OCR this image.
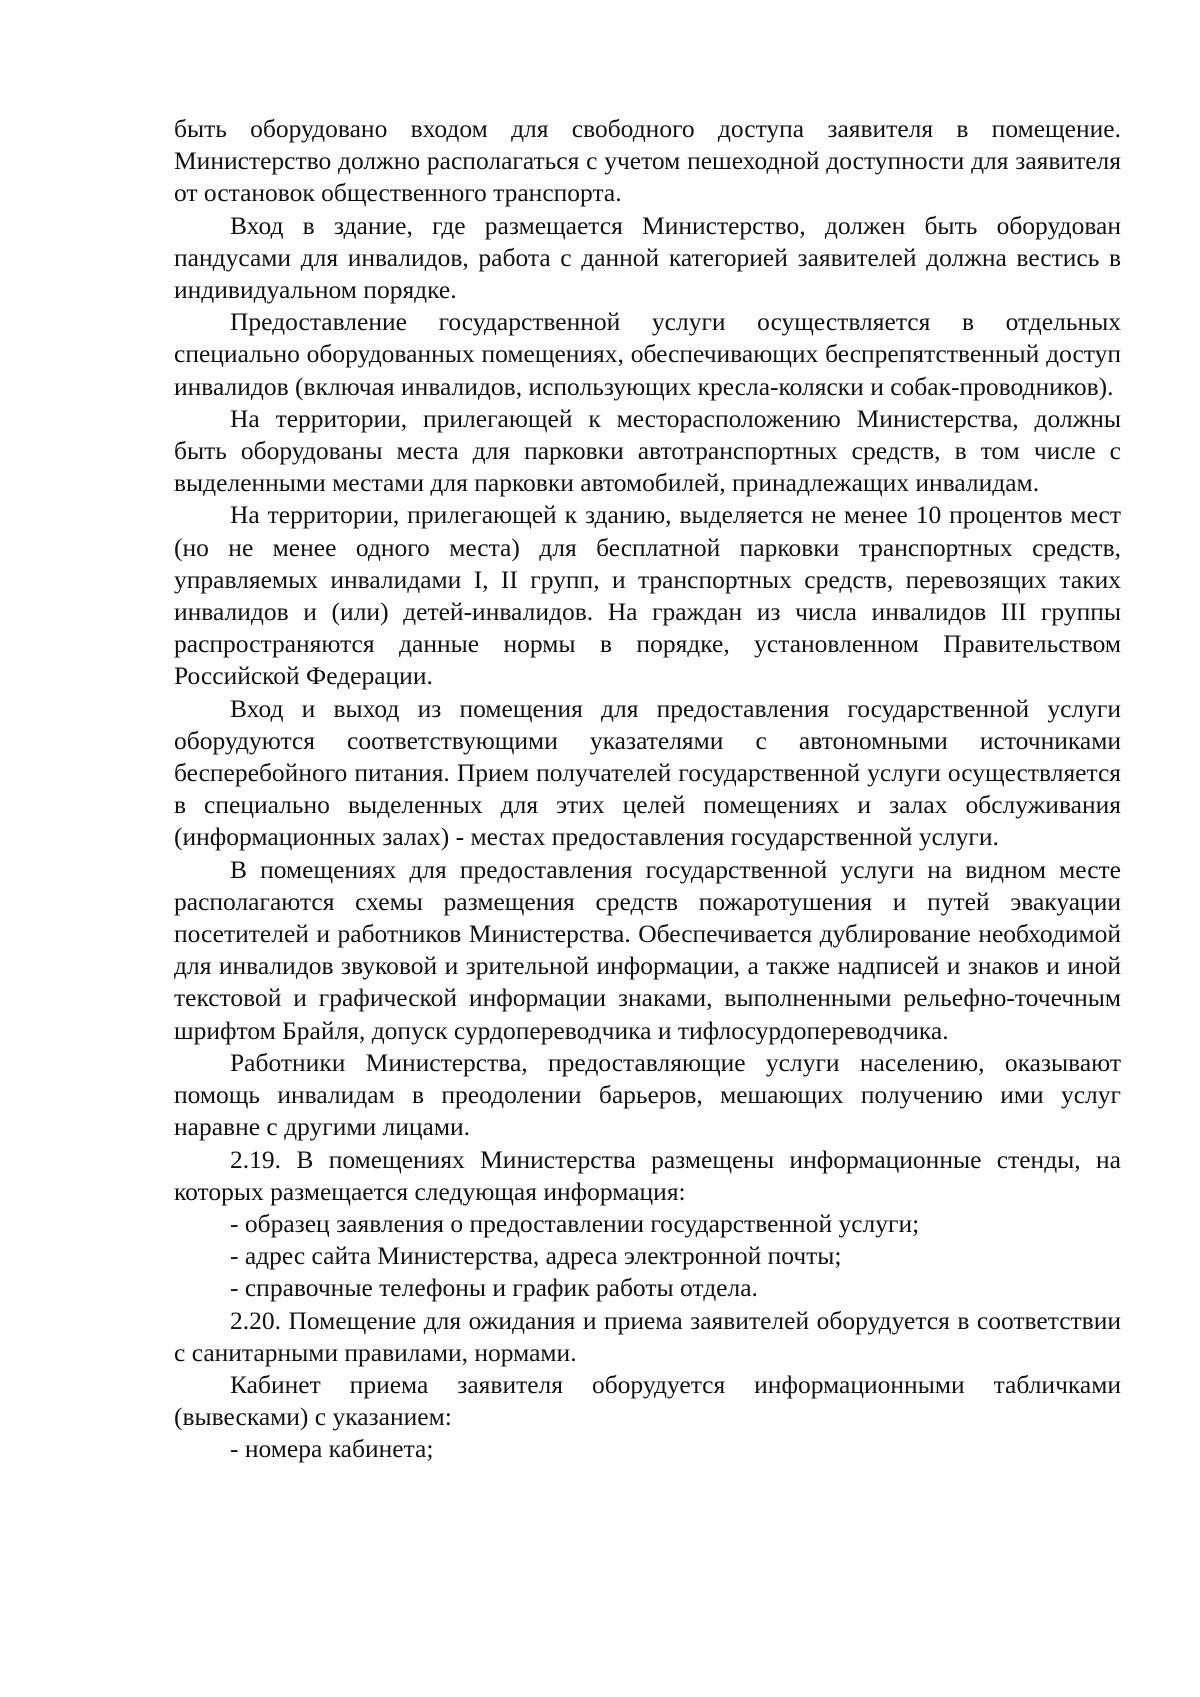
быть оборудовано входом для свободного доступа заявителя в помещение. Министерство должно располагаться с учетом пешеходной доступности для заявителя от остановок общественного транспорта.

Вход в здание, где размещается Министерство, должен быть оборудован пандусами для инвалидов, работа с данной категорией заявителей должна вестись в индивидуальном порядке.

Предоставление государственной услуги осуществляется в отдельных специально оборудованных помещениях, обеспечивающих беспрепятственный доступ инвалидов (включая инвалидов, использующих кресла-коляски и собак-проводников).

На территории, прилегающей к месторасположению Министерства, должны быть оборудованы места для парковки автотранспортных средств, в том числе с выделенными местами для парковки автомобилей, принадлежащих инвалидам.

На территории, прилегающей к зданию, выделяется не менее 10 процентов мест (но не менее одного места) для бесплатной парковки транспортных средств, управляемых инвалидами I, II групп, и транспортных средств, перевозящих таких инвалидов и (или) детей-инвалидов. На граждан из числа инвалидов III группы распространяются данные нормы в порядке, установленном Правительством Российской Федерации.

Вход и выход из помещения для предоставления государственной услуги оборудуются соответствующими указателями с автономными источниками бесперебойного питания. Прием получателей государственной услуги осуществляется в специально выделенных для этих целей помещениях и залах обслуживания (информационных залах) - местах предоставления государственной услуги.

В помещениях для предоставления государственной услуги на видном месте располагаются схемы размещения средств пожаротушения и путей эвакуации посетителей и работников Министерства. Обеспечивается дублирование необходимой для инвалидов звуковой и зрительной информации, а также надписей и знаков и иной текстовой и графической информации знаками, выполненными рельефно-точечным шрифтом Брайля, допуск сурдопереводчика и тифлосурдопереводчика.

Работники Министерства, предоставляющие услуги населению, оказывают помощь инвалидам в преодолении барьеров, мешающих получению ими услуг наравне с другими лицами.

2.19. В помещениях Министерства размещены информационные стенды, на которых размещается следующая информация:

- образец заявления о предоставлении государственной услуги;

- адрес сайта Министерства, адреса электронной почты;

- справочные телефоны и график работы отдела.

2.20. Помещение для ожидания и приема заявителей оборудуется в соответствии с санитарными правилами, нормами.

Кабинет приема заявителя оборудуется информационными табличками (вывесками) с указанием:

- номера кабинета;
